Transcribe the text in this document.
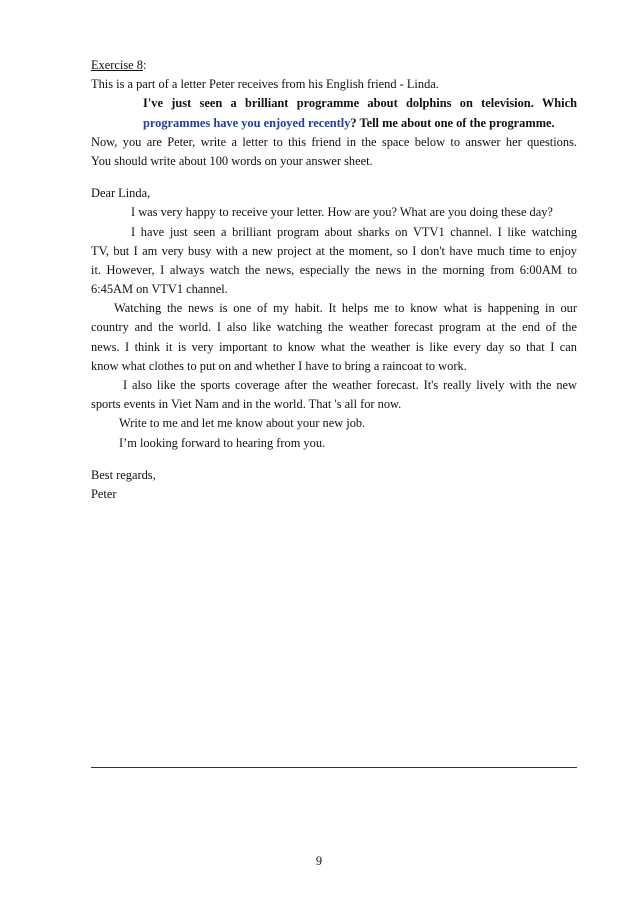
Exercise 8:
This is a part of a letter Peter receives from his English friend - Linda.
I've just seen a brilliant programme about dolphins on television. Which
programmes have you enjoyed recently? Tell me about one of the programme.
Now, you are Peter, write a letter to this friend in the space below to answer her questions.
You should write about 100 words on your answer sheet.
Dear Linda,
I was very happy to receive your letter. How are you? What are you doing these day?
I have just seen a brilliant program about sharks on VTV1 channel. I like watching
TV, but I am very busy with a new project at the moment, so I don't have much time to enjoy
it. However, I always watch the news, especially the news in the morning from 6:00AM to
6:45AM on VTV1 channel.
Watching the news is one of my habit. It helps me to know what is happening in our
country and the world. I also like watching the weather forecast program at the end of the
news. I think it is very important to know what the weather is like every day so that I can
know what clothes to put on and whether I have to bring a raincoat to work.
I also like the sports coverage after the weather forecast. It's really lively with the new
sports events in Viet Nam and in the world. That 's all for now.
Write to me and let me know about your new job.
I’m looking forward to hearing from you.
Best regards,
Peter
9
